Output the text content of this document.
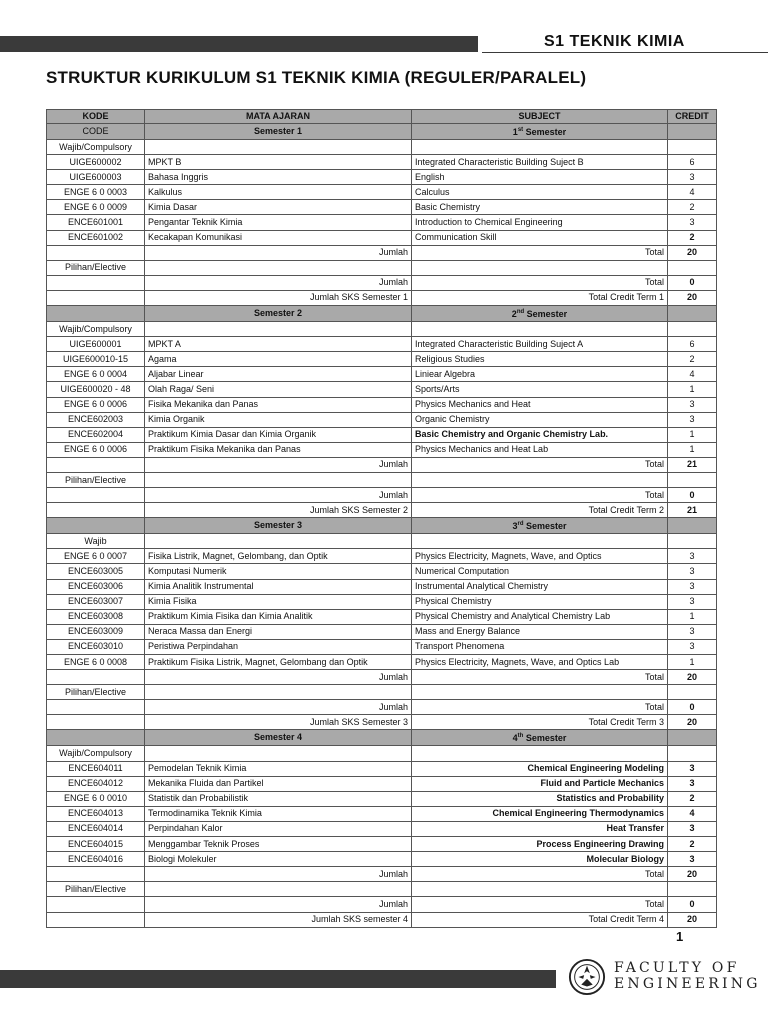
S1 TEKNIK KIMIA
STRUKTUR KURIKULUM S1 TEKNIK KIMIA (REGULER/PARALEL)
KODE	MATA AJARAN	SUBJECT	CREDIT
CODE	Semester 1	1st Semester	
Wajib/Compulsory			
UIGE600002	MPKT B	Integrated Characteristic Building Suject B	6
UIGE600003	Bahasa Inggris	English	3
ENGE 6 0 0003	Kalkulus	Calculus	4
ENGE 6 0 0009	Kimia Dasar	Basic Chemistry	2
ENCE601001	Pengantar Teknik Kimia	Introduction to Chemical Engineering	3
ENCE601002	Kecakapan Komunikasi	Communication Skill	2
	Jumlah	Total	20
Pilihan/Elective			
	Jumlah	Total	0
	Jumlah SKS Semester 1	Total Credit Term 1	20
	Semester 2	2nd Semester	
Wajib/Compulsory			
UIGE600001	MPKT A	Integrated Characteristic Building Suject A	6
UIGE600010-15	Agama	Religious Studies	2
ENGE 6 0 0004	Aljabar Linear	Liniear Algebra	4
UIGE600020 - 48	Olah Raga/ Seni	Sports/Arts	1
ENGE 6 0 0006	Fisika Mekanika dan Panas	Physics Mechanics and Heat	3
ENCE602003	Kimia Organik	Organic Chemistry	3
ENCE602004	Praktikum Kimia Dasar dan Kimia Organik	Basic Chemistry and Organic Chemistry Lab.	1
ENGE 6 0 0006	Praktikum Fisika Mekanika dan Panas	Physics Mechanics and Heat Lab	1
	Jumlah	Total	21
Pilihan/Elective			
	Jumlah	Total	0
	Jumlah SKS Semester 2	Total Credit Term 2	21
	Semester 3	3rd Semester	
Wajib			
ENGE 6 0 0007	Fisika Listrik, Magnet, Gelombang, dan Optik	Physics Electricity, Magnets, Wave, and Optics	3
ENCE603005	Komputasi Numerik	Numerical Computation	3
ENCE603006	Kimia Analitik Instrumental	Instrumental Analytical Chemistry	3
ENCE603007	Kimia Fisika	Physical Chemistry	3
ENCE603008	Praktikum Kimia Fisika dan Kimia Analitik	Physical Chemistry and Analytical Chemistry Lab	1
ENCE603009	Neraca Massa dan Energi	Mass and Energy Balance	3
ENCE603010	Peristiwa Perpindahan	Transport Phenomena	3
ENGE 6 0 0008	Praktikum Fisika Listrik, Magnet, Gelombang dan Optik	Physics Electricity, Magnets, Wave, and Optics Lab	1
	Jumlah	Total	20
Pilihan/Elective			
	Jumlah	Total	0
	Jumlah SKS Semester 3	Total Credit Term 3	20
	Semester 4	4th Semester	
Wajib/Compulsory			
ENCE604011	Pemodelan Teknik Kimia	Chemical Engineering Modeling	3
ENCE604012	Mekanika Fluida dan Partikel	Fluid and Particle Mechanics	3
ENGE 6 0 0010	Statistik dan Probabilistik	Statistics and Probability	2
ENCE604013	Termodinamika Teknik Kimia	Chemical Engineering Thermodynamics	4
ENCE604014	Perpindahan Kalor	Heat Transfer	3
ENCE604015	Menggambar Teknik Proses	Process Engineering Drawing	2
ENCE604016	Biologi Molekuler	Molecular Biology	3
	Jumlah	Total	20
Pilihan/Elective			
	Jumlah	Total	0
	Jumlah SKS semester 4	Total Credit Term 4	20
1
FACULTY OF
ENGINEERING
